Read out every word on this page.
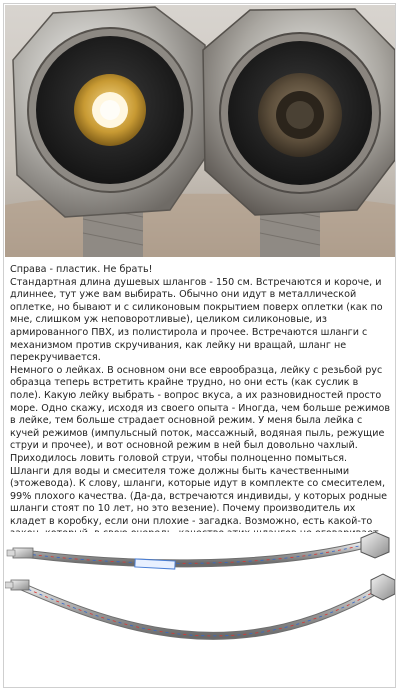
Справа - пластик. Не брать!

Стандартная длина душевых шлангов - 150 см. Встречаются и короче, и длиннее, тут уже вам выбирать. Обычно они идут в металлической оплетке, но бывают и с силиконовым покрытием поверх оплетки (как по мне, слишком уж неповоротливые), целиком силиконовые, из армированного ПВХ, из полистирола и прочее. Встречаются шланги с механизмом против скручивания, как лейку ни вращай, шланг не перекручивается.

Немного о лейках. В основном они все еврообразца, лейку с резьбой рус образца теперь встретить крайне трудно, но они есть (как суслик в поле). Какую лейку выбрать - вопрос вкуса, а их разновидностей просто море. Одно скажу, исходя из своего опыта - Иногда, чем больше режимов в лейке, тем больше страдает основной режим. У меня была лейка с кучей режимов (импульсный поток, массажный, водяная пыль, режущие струи и прочее), и вот основной режим в ней был довольно чахлый. Приходилось ловить головой струи, чтобы полноценно помыться.

Шланги для воды и смесителя тоже должны быть качественными (этожевода). К слову, шланги, которые идут в комплекте со смесителем, 99% плохого качества. (Да-да, встречаются индивиды, у которых родные шланги стоят по 10 лет, но это везение). Почему производитель их кладет в коробку, если они плохие - загадка. Возможно, есть какой-то
